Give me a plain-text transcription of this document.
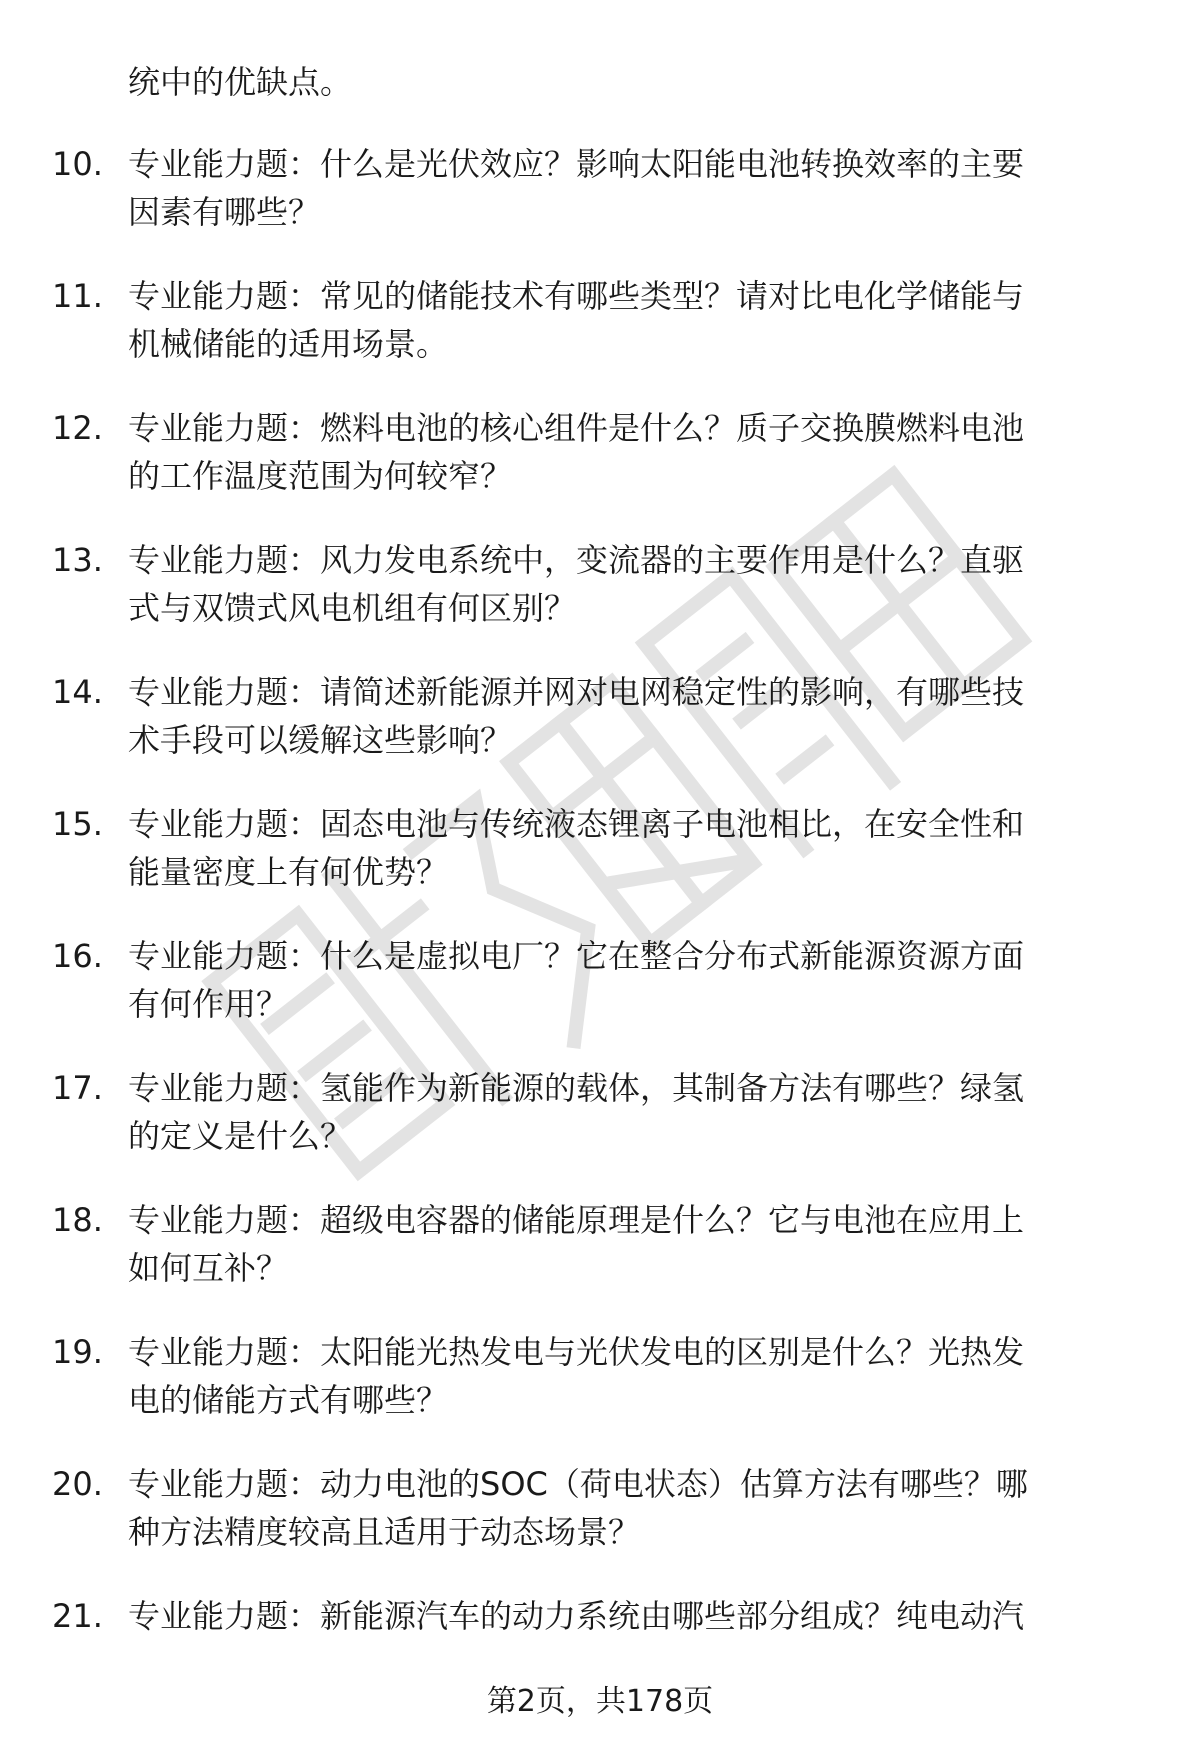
统中的优缺点。
10. 专业能力题：什么是光伏效应？影响太阳能电池转换效率的主要
因素有哪些？
11. 专业能力题：常见的储能技术有哪些类型？请对比电化学储能与
机械储能的适用场景。
12. 专业能力题：燃料电池的核心组件是什么？质子交换膜燃料电池
的工作温度范围为何较窄？
13. 专业能力题：风力发电系统中，变流器的主要作用是什么？直驱
式与双馈式风电机组有何区别？
14. 专业能力题：请简述新能源并网对电网稳定性的影响，有哪些技
术手段可以缓解这些影响？
15. 专业能力题：固态电池与传统液态锂离子电池相比，在安全性和
能量密度上有何优势？
16. 专业能力题：什么是虚拟电厂？它在整合分布式新能源资源方面
有何作用？
17. 专业能力题：氢能作为新能源的载体，其制备方法有哪些？绿氢
的定义是什么？
18. 专业能力题：超级电容器的储能原理是什么？它与电池在应用上
如何互补？
19. 专业能力题：太阳能光热发电与光伏发电的区别是什么？光热发
电的储能方式有哪些？
20. 专业能力题：动力电池的SOC（荷电状态）估算方法有哪些？哪
种方法精度较高且适用于动态场景？
21. 专业能力题：新能源汽车的动力系统由哪些部分组成？纯电动汽
第2页，共178页
